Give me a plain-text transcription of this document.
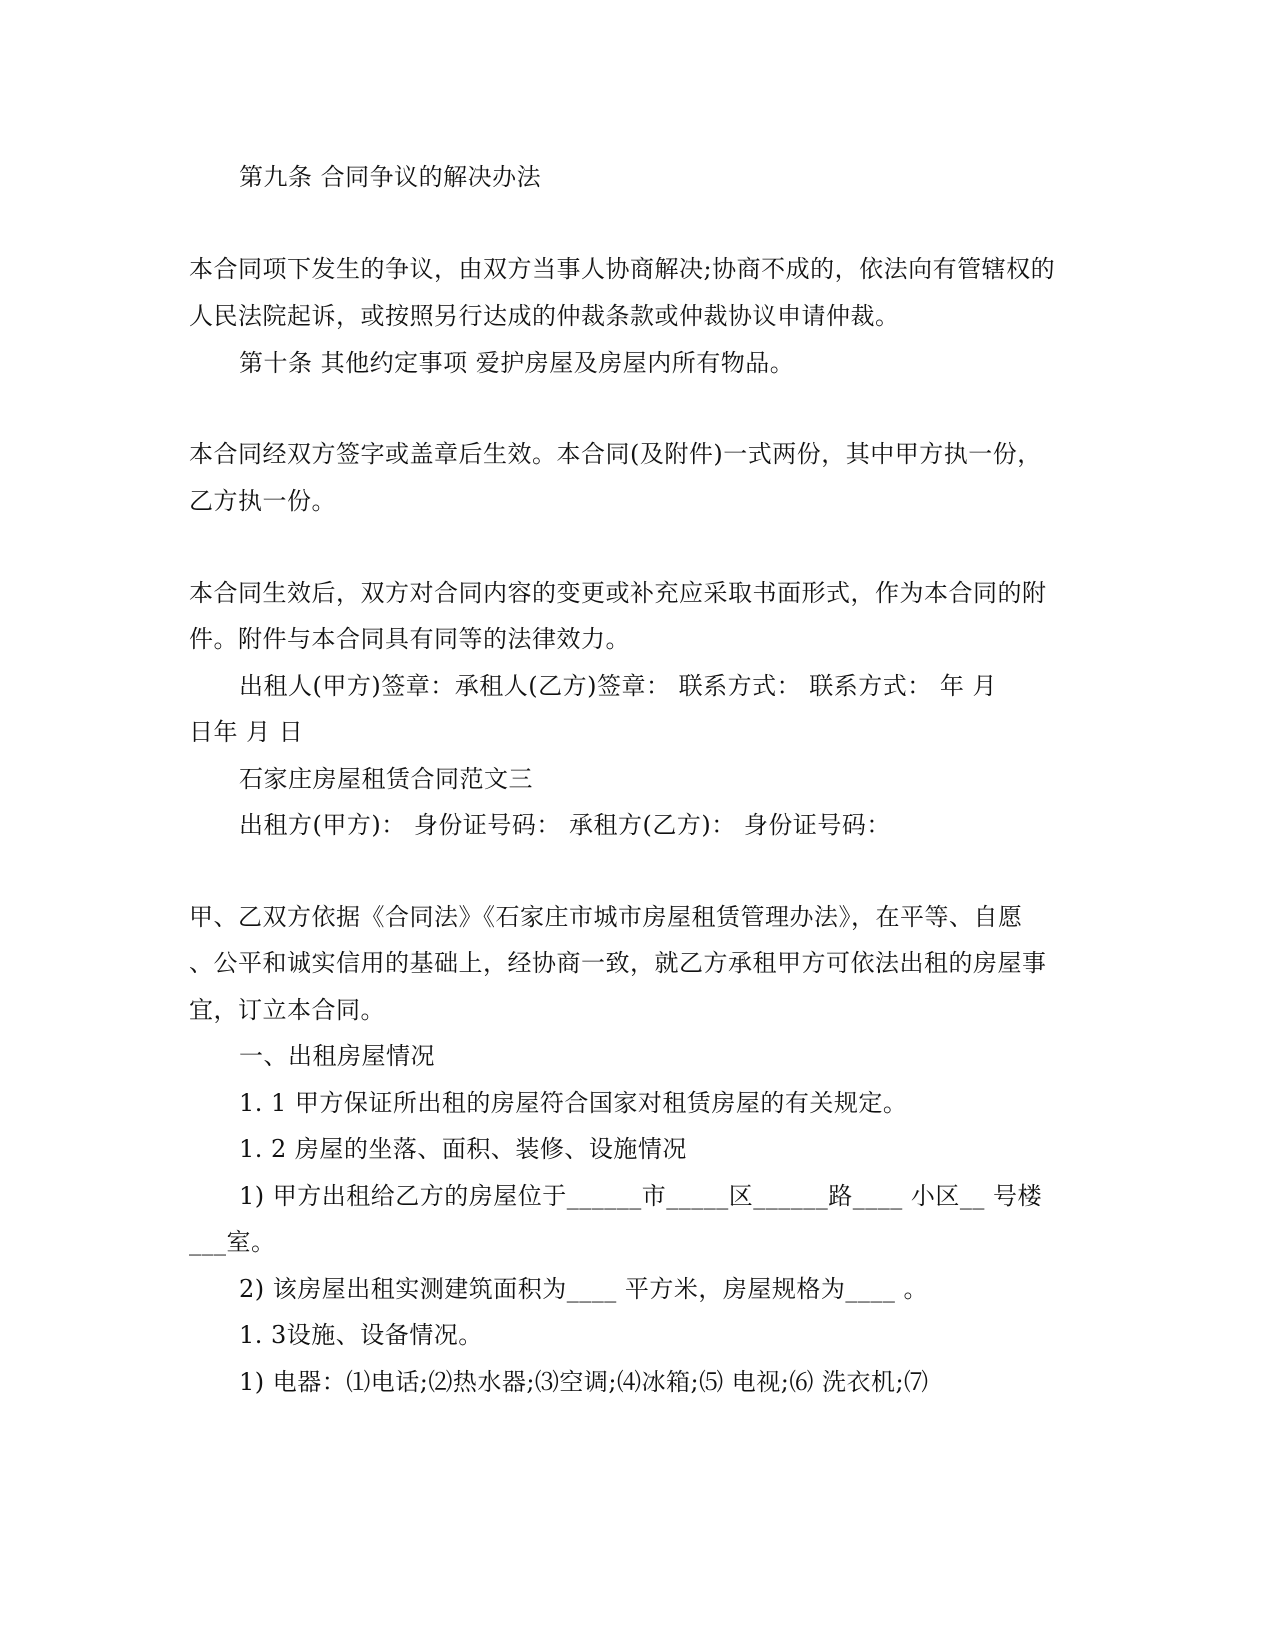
第九条 合同争议的解决办法
本合同项下发生的争议，由双方当事人协商解决;协商不成的，依法向有管辖权的
人民法院起诉，或按照另行达成的仲裁条款或仲裁协议申请仲裁。
第十条 其他约定事项 爱护房屋及房屋内所有物品。
本合同经双方签字或盖章后生效。本合同(及附件)一式两份，其中甲方执一份，
乙方执一份。
本合同生效后，双方对合同内容的变更或补充应采取书面形式，作为本合同的附
件。附件与本合同具有同等的法律效力。
出租人(甲方)签章：承租人(乙方)签章： 联系方式： 联系方式： 年 月
日年 月 日
石家庄房屋租赁合同范文三
出租方(甲方)： 身份证号码： 承租方(乙方)： 身份证号码：
甲、乙双方依据《合同法》《石家庄市城市房屋租赁管理办法》，在平等、自愿
、公平和诚实信用的基础上，经协商一致，就乙方承租甲方可依法出租的房屋事
宜，订立本合同。
一、出租房屋情况
1. 1 甲方保证所出租的房屋符合国家对租赁房屋的有关规定。
1. 2 房屋的坐落、面积、装修、设施情况
1) 甲方出租给乙方的房屋位于______市_____区______路____ 小区__ 号楼
___室。
2) 该房屋出租实测建筑面积为____ 平方米，房屋规格为____ 。
1. 3设施、设备情况。
1) 电器：⑴电话;⑵热水器;⑶空调;⑷冰箱;⑸ 电视;⑹ 洗衣机;⑺
